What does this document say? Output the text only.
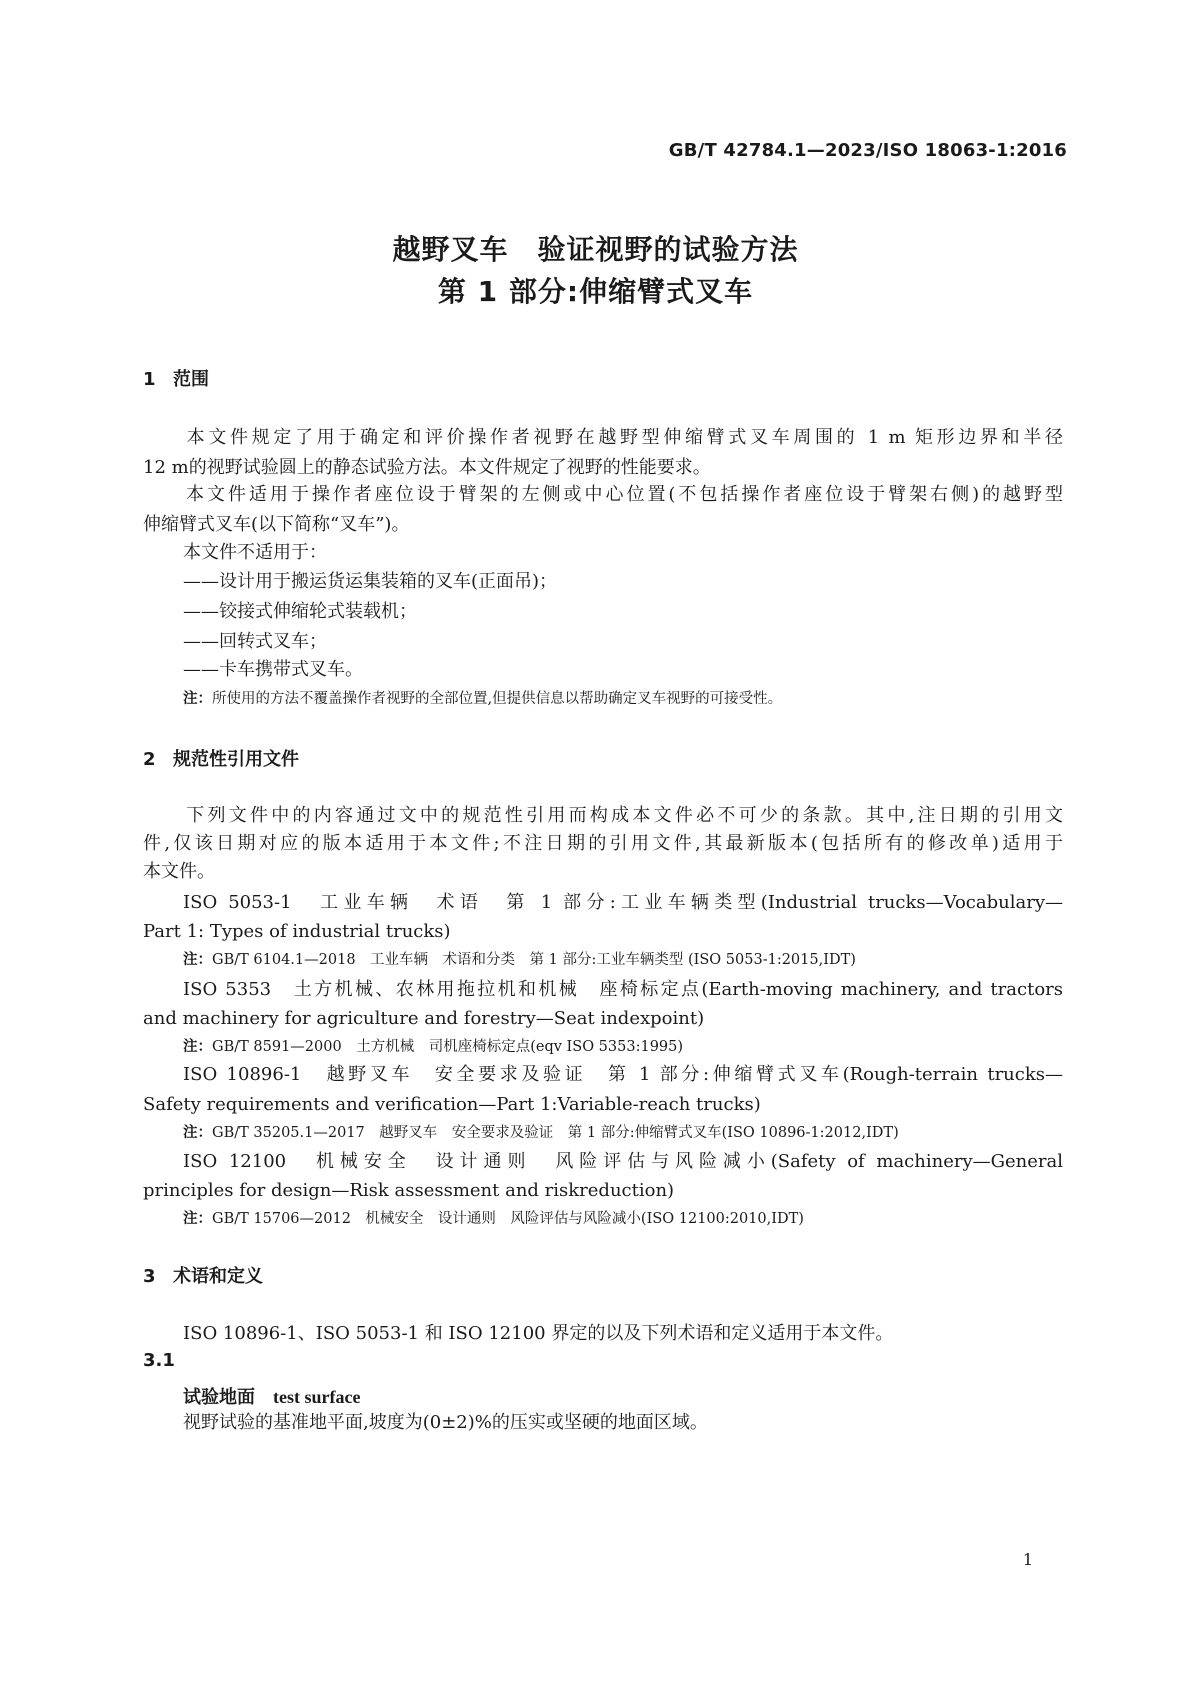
GB/T 42784.1—2023/ISO 18063-1:2016
越野叉车　验证视野的试验方法
第 1 部分:伸缩臂式叉车
1 范围
本文件规定了用于确定和评价操作者视野在越野型伸缩臂式叉车周围的 1 m 矩形边界和半径
12 m的视野试验圆上的静态试验方法。本文件规定了视野的性能要求。
本文件适用于操作者座位设于臂架的左侧或中心位置(不包括操作者座位设于臂架右侧)的越野型
伸缩臂式叉车(以下简称“叉车”)。
本文件不适用于：
——设计用于搬运货运集装箱的叉车(正面吊)；
——铰接式伸缩轮式装载机；
——回转式叉车；
——卡车携带式叉车。
注：所使用的方法不覆盖操作者视野的全部位置,但提供信息以帮助确定叉车视野的可接受性。
2 规范性引用文件
下列文件中的内容通过文中的规范性引用而构成本文件必不可少的条款。其中,注日期的引用文
件,仅该日期对应的版本适用于本文件;不注日期的引用文件,其最新版本(包括所有的修改单)适用于
本文件。
ISO 5053-1　工业车辆　术语　第 1 部分:工业车辆类型(Industrial trucks—Vocabulary—
Part 1: Types of industrial trucks)
注：GB/T 6104.1—2018　工业车辆　术语和分类　第 1 部分:工业车辆类型 (ISO 5053-1:2015,IDT)
ISO 5353　土方机械、农林用拖拉机和机械　座椅标定点(Earth-moving machinery, and tractors
and machinery for agriculture and forestry—Seat indexpoint)
注：GB/T 8591—2000　土方机械　司机座椅标定点(eqv ISO 5353:1995)
ISO 10896-1　越野叉车　安全要求及验证　第 1 部分:伸缩臂式叉车(Rough-terrain trucks—
Safety requirements and verification—Part 1:Variable-reach trucks)
注：GB/T 35205.1—2017　越野叉车　安全要求及验证　第 1 部分:伸缩臂式叉车(ISO 10896-1:2012,IDT)
ISO 12100　机械安全　设计通则　风险评估与风险减小(Safety of machinery—General
principles for design—Risk assessment and riskreduction)
注：GB/T 15706—2012　机械安全　设计通则　风险评估与风险减小(ISO 12100:2010,IDT)
3 术语和定义
ISO 10896-1、ISO 5053-1 和 ISO 12100 界定的以及下列术语和定义适用于本文件。
3.1
试验地面 test surface
视野试验的基准地平面,坡度为(0±2)%的压实或坚硬的地面区域。
1
